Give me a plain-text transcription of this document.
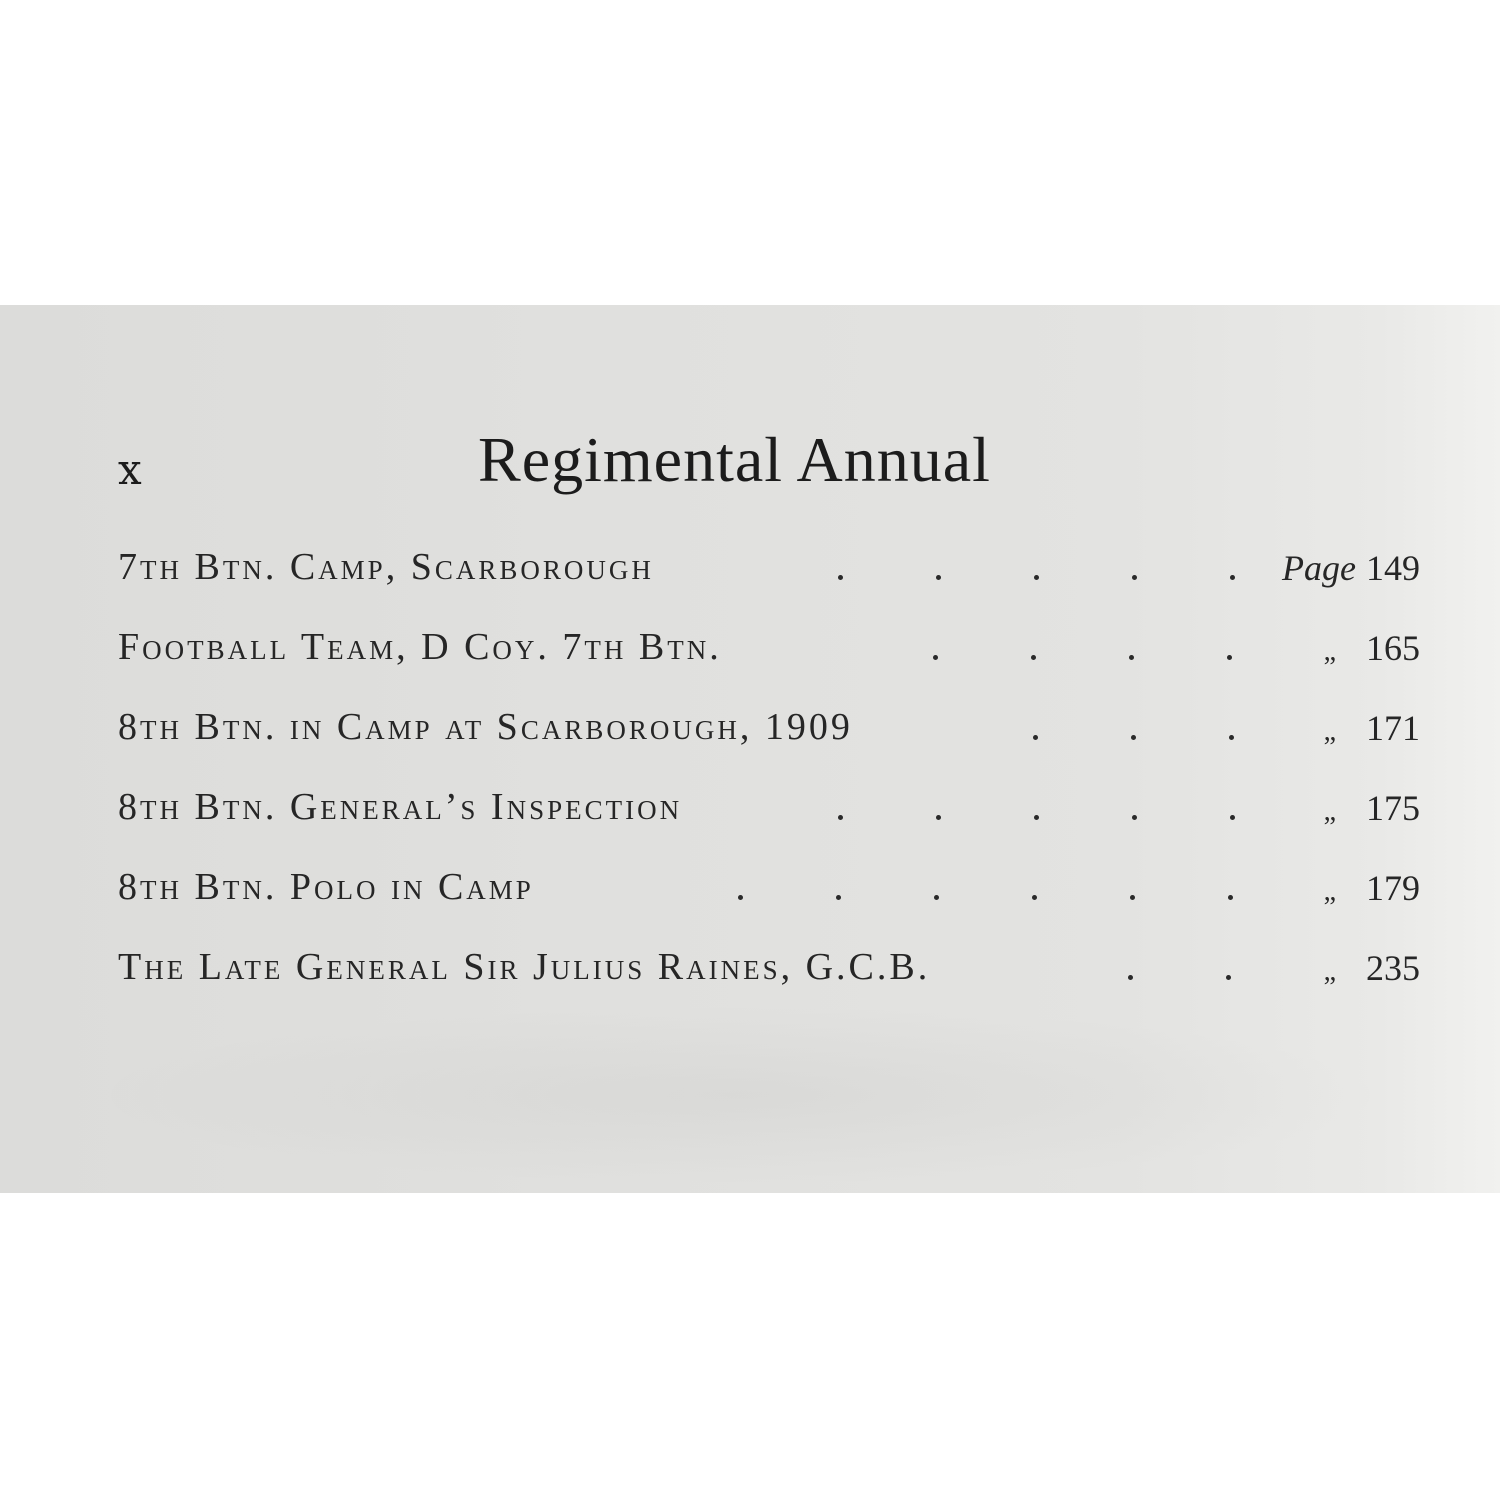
x	Regimental Annual
7th Btn. Camp, Scarborough	Page 149
Football Team, D Coy. 7th Btn.	„ 165
8th Btn. in Camp at Scarborough, 1909	„ 171
8th Btn. General’s Inspection	„ 175
8th Btn. Polo in Camp	„ 179
The Late General Sir Julius Raines, G.C.B.	„ 235
